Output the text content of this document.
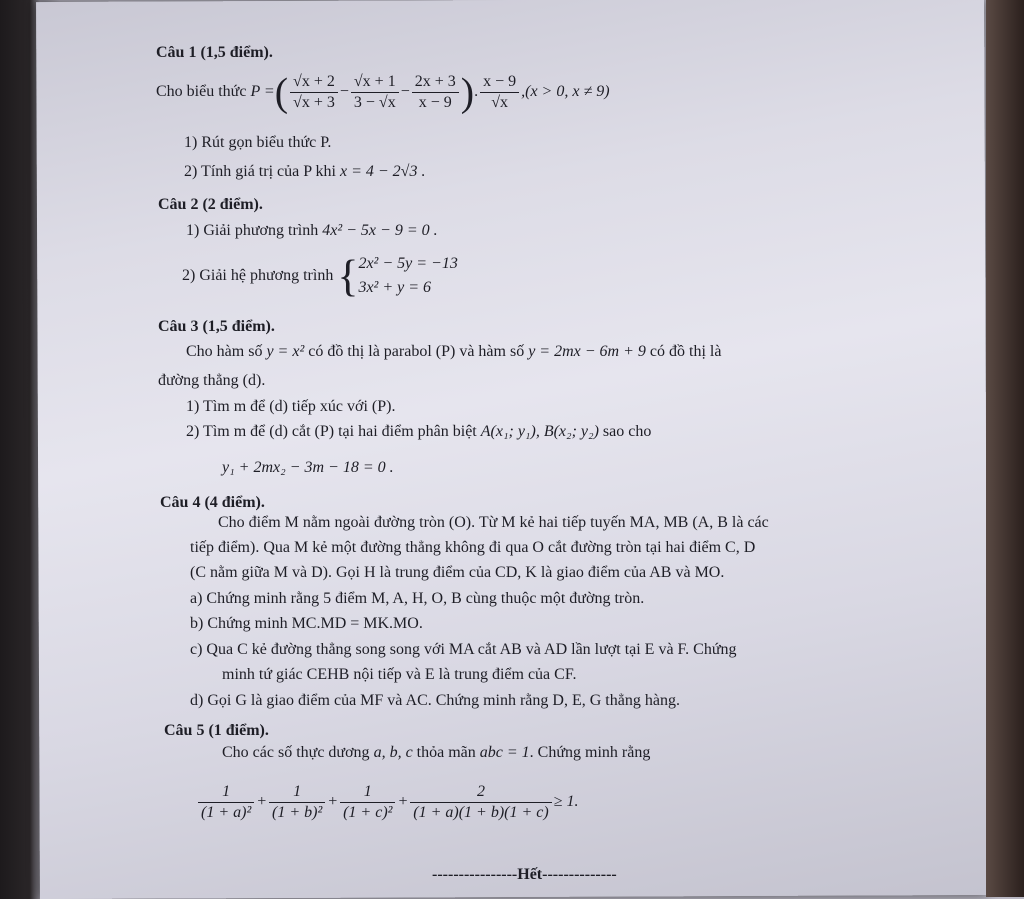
Câu 1 (1,5 điểm).
Cho biểu thức P =( $\frac{√x + 2}{√x + 3} - \frac{√x + 1}{3 - √x} - \frac{2x + 3}{x - 9}$ ). $\frac{x - 9}{√x} ,(x > 0$, x ≠ 9)
1) Rút gọn biểu thức P.
2) Tính giá trị của P khi x = 4 − 2√3 .
Câu 2 (2 điểm).
1) Giải phương trình 4x² − 5x − 9 = 0 .
2) Giải hệ phương trình { 2x² − 5y = −13
3x² + y = 6
Câu 3 (1,5 điểm).
Cho hàm số y = x² có đồ thị là parabol (P) và hàm số y = 2mx − 6m + 9 có đồ thị là
đường thẳng (d).
1) Tìm m để (d) tiếp xúc với (P).
2) Tìm m để (d) cắt (P) tại hai điểm phân biệt A(x₁; y₁), B(x₂; y₂) sao cho
y₁ + 2mx₂ − 3m − 18 = 0 .
Câu 4 (4 điểm).
Cho điểm M nằm ngoài đường tròn (O). Từ M kẻ hai tiếp tuyến MA, MB (A, B là các
tiếp điểm). Qua M kẻ một đường thẳng không đi qua O cắt đường tròn tại hai điểm C, D
(C nằm giữa M và D). Gọi H là trung điểm của CD, K là giao điểm của AB và MO.
a) Chứng minh rằng 5 điểm M, A, H, O, B cùng thuộc một đường tròn.
b) Chứng minh MC.MD = MK.MO.
c) Qua C kẻ đường thẳng song song với MA cắt AB và AD lần lượt tại E và F. Chứng
minh tứ giác CEHB nội tiếp và E là trung điểm của CF.
d) Gọi G là giao điểm của MF và AC. Chứng minh rằng D, E, G thẳng hàng.
Câu 5 (1 điểm).
Cho các số thực dương a, b, c thỏa mãn abc = 1. Chứng minh rằng
$\frac{1}{\text{(1 + a)²}} + \frac{1}{\text{(1 + b)²}} + \frac{1}{\text{(1 + c)²}} + \frac{2}{(1 + a)(1 + b)(1 + c)} \ge 1$.
----------------Hết--------------
